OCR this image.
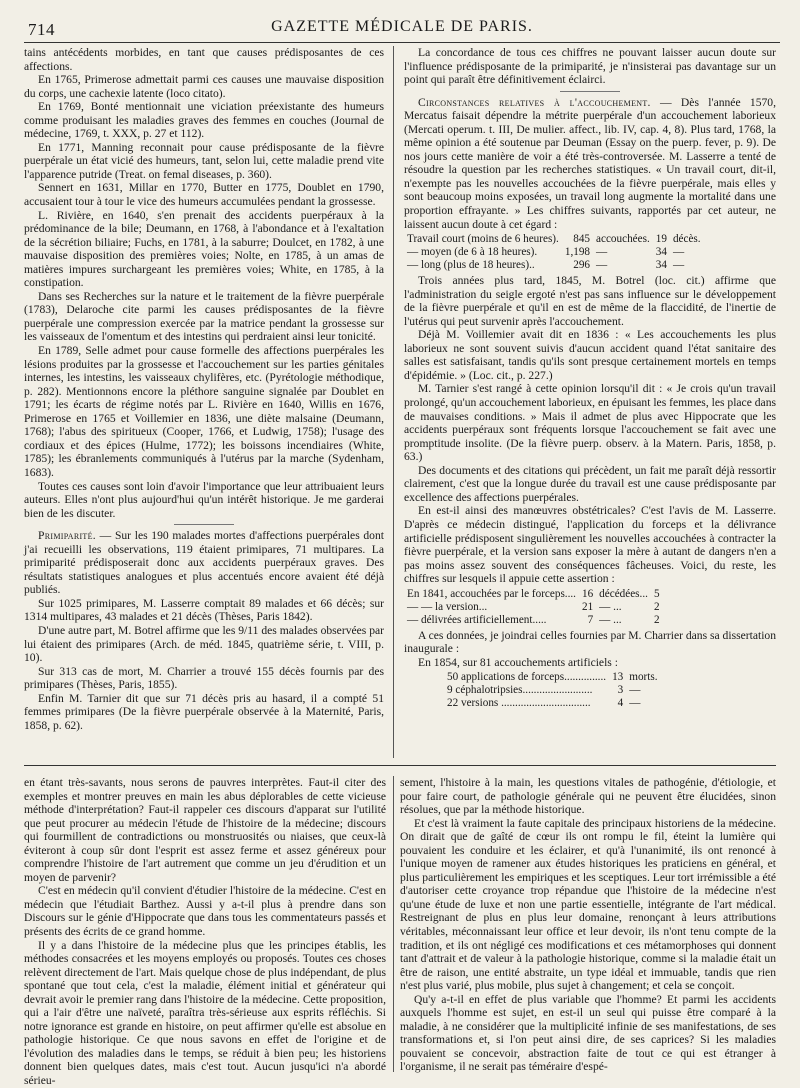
714	GAZETTE MÉDICALE DE PARIS.

tains antécédents morbides, en tant que causes prédisposantes de ces affections.

En 1765, Primerose admettait parmi ces causes une mauvaise disposition du corps, une cachexie latente (loco citato).

En 1769, Bonté mentionnait une viciation préexistante des humeurs comme produisant les maladies graves des femmes en couches (Journal de médecine, 1769, t. XXX, p. 27 et 112).

En 1771, Manning reconnait pour cause prédisposante de la fièvre puerpérale un état vicié des humeurs, tant, selon lui, cette maladie prend vite l'apparence putride (Treat. on femal diseases, p. 360).

Sennert en 1631, Millar en 1770, Butter en 1775, Doublet en 1790, accusaient tour à tour le vice des humeurs accumulées pendant la grossesse.

L. Rivière, en 1640, s'en prenait des accidents puerpéraux à la prédominance de la bile; Deumann, en 1768, à l'abondance et à l'exaltation de la sécrétion biliaire; Fuchs, en 1781, à la saburre; Doulcet, en 1782, à une mauvaise disposition des premières voies; Nolte, en 1785, à un amas de matières impures surchargeant les premières voies; White, en 1785, à la constipation.

Dans ses Recherches sur la nature et le traitement de la fièvre puerpérale (1783), Delaroche cite parmi les causes prédisposantes de la fièvre puerpérale une compression exercée par la matrice pendant la grossesse sur les vaisseaux de l'omentum et des intestins qui perdraient ainsi leur tonicité.

En 1789, Selle admet pour cause formelle des affections puerpérales les lésions produites par la grossesse et l'accouchement sur les parties génitales internes, les intestins, les vaisseaux chylifères, etc. (Pyrétologie méthodique, p. 282). Mentionnons encore la pléthore sanguine signalée par Doublet en 1791; les écarts de régime notés par L. Rivière en 1640, Willis en 1676, Primerose en 1765 et Voillemier en 1836, une diète malsaine (Deumann, 1768); l'abus des spiritueux (Cooper, 1766, et Ludwig, 1758); l'usage des cordiaux et des épices (Hulme, 1772); les boissons incendiaires (White, 1785); les ébranlements communiqués à l'utérus par la marche (Sydenham, 1683).

Toutes ces causes sont loin d'avoir l'importance que leur attribuaient leurs auteurs. Elles n'ont plus aujourd'hui qu'un intérêt historique. Je me garderai bien de les discuter.

Primiparité. — Sur les 190 malades mortes d'affections puerpérales dont j'ai recueilli les observations, 119 étaient primipares, 71 multipares. La primiparité prédisposerait donc aux accidents puerpéraux graves. Des résultats statistiques analogues et plus accentués encore avaient été déjà publiés.

Sur 1025 primipares, M. Lasserre comptait 89 malades et 66 décès; sur 1314 multipares, 43 malades et 21 décès (Thèses, Paris 1842).

D'une autre part, M. Botrel affirme que les 9/11 des malades observées par lui étaient des primipares (Arch. de méd. 1845, quatrième série, t. VIII, p. 10).

Sur 313 cas de mort, M. Charrier a trouvé 155 décès fournis par des primipares (Thèses, Paris, 1855).

Enfin M. Tarnier dit que sur 71 décès pris au hasard, il a compté 51 femmes primipares (De la fièvre puerpérale observée à la Maternité, Paris, 1858, p. 62).

La concordance de tous ces chiffres ne pouvant laisser aucun doute sur l'influence prédisposante de la primiparité, je n'insisterai pas davantage sur un point qui paraît être définitivement éclairci.

Circonstances relatives à l'accouchement. — Dès l'année 1570, Mercatus faisait dépendre la métrite puerpérale d'un accouchement laborieux (Mercati operum. t. III, De mulier. affect., lib. IV, cap. 4, 8). Plus tard, 1768, la même opinion a été soutenue par Deuman (Essay on the puerp. fever, p. 9). De nos jours cette manière de voir a été très-controversée. M. Lasserre a tenté de résoudre la question par les recherches statistiques. « Un travail court, dit-il, n'exempte pas les nouvelles accouchées de la fièvre puerpérale, mais elles y sont beaucoup moins exposées, un travail long augmente la mortalité dans une proportion effrayante. » Les chiffres suivants, rapportés par cet auteur, ne laissent aucun doute à cet égard :

Travail court (moins de 6 heures).	845	accouchées.	19	décès.
— moyen (de 6 à 18 heures).	1,198	—	34	—
— long (plus de 18 heures)..	296	—	34	—

Trois années plus tard, 1845, M. Botrel (loc. cit.) affirme que l'administration du seigle ergoté n'est pas sans influence sur le développement de la fièvre puerpérale et qu'il en est de même de la flaccidité, de l'inertie de l'utérus qui peut survenir après l'accouchement.

Déjà M. Voillemier avait dit en 1836 : « Les accouchements les plus laborieux ne sont souvent suivis d'aucun accident quand l'état sanitaire des salles est satisfaisant, tandis qu'ils sont presque certainement mortels en temps d'épidémie. » (Loc. cit., p. 227.)

M. Tarnier s'est rangé à cette opinion lorsqu'il dit : « Je crois qu'un travail prolongé, qu'un accouchement laborieux, en épuisant les femmes, les place dans de mauvaises conditions. » Mais il admet de plus avec Hippocrate que les accidents puerpéraux sont fréquents lorsque l'accouchement se fait avec une promptitude insolite. (De la fièvre puerp. observ. à la Matern. Paris, 1858, p. 63.)

Des documents et des citations qui précèdent, un fait me paraît déjà ressortir clairement, c'est que la longue durée du travail est une cause prédisposante par excellence des affections puerpérales.

En est-il ainsi des manœuvres obstétricales? C'est l'avis de M. Lasserre. D'après ce médecin distingué, l'application du forceps et la délivrance artificielle prédisposent singulièrement les nouvelles accouchées à contracter la fièvre puerpérale, et la version sans exposer la mère à autant de dangers n'en a pas moins assez souvent des conséquences fâcheuses. Voici, du reste, les chiffres sur lesquels il appuie cette assertion :

En 1841, accouchées par le forceps....	16	décédées...	5
— — la version...	21	— ...	2
— délivrées artificiellement.....	7	— ...	2

A ces données, je joindrai celles fournies par M. Charrier dans sa dissertation inaugurale :

En 1854, sur 81 accouchements artificiels :

50 applications de forceps...............	13	morts.
9 céphalotripsies.........................	3	—
22 versions ................................	4	—

en étant très-savants, nous serons de pauvres interprètes. Faut-il citer des exemples et montrer preuves en main les abus déplorables de cette vicieuse méthode d'interprétation? Faut-il rappeler ces discours d'apparat sur l'utilité que peut procurer au médecin l'étude de l'histoire de la médecine; discours qui fourmillent de contradictions ou monstruosités ou niaises, que ceux-là éviteront à coup sûr dont l'esprit est assez ferme et assez généreux pour comprendre l'histoire de l'art autrement que comme un jeu d'érudition et un moyen de parvenir?

C'est en médecin qu'il convient d'étudier l'histoire de la médecine. C'est en médecin que l'étudiait Barthez. Aussi y a-t-il plus à prendre dans son Discours sur le génie d'Hippocrate que dans tous les commentateurs passés et présents des écrits de ce grand homme.

Il y a dans l'histoire de la médecine plus que les principes établis, les méthodes consacrées et les moyens employés ou proposés. Toutes ces choses relèvent directement de l'art. Mais quelque chose de plus indépendant, de plus spontané que tout cela, c'est la maladie, élément initial et générateur qui devrait avoir le premier rang dans l'histoire de la médecine. Cette proposition, qui a l'air d'être une naïveté, paraîtra très-sérieuse aux esprits réfléchis. Si notre ignorance est grande en histoire, on peut affirmer qu'elle est absolue en pathologie historique. Ce que nous savons en effet de l'origine et de l'évolution des maladies dans le temps, se réduit à bien peu; les historiens donnent bien quelques dates, mais c'est tout. Aucun jusqu'ici n'a abordé sérieu-

sement, l'histoire à la main, les questions vitales de pathogénie, d'étiologie, et pour faire court, de pathologie générale qui ne peuvent être élucidées, sinon résolues, que par la méthode historique.

Et c'est là vraiment la faute capitale des principaux historiens de la médecine. On dirait que de gaîté de cœur ils ont rompu le fil, éteint la lumière qui pouvaient les conduire et les éclairer, et qu'à l'unanimité, ils ont renoncé à l'unique moyen de ramener aux études historiques les praticiens en général, et plus particulièrement les empiriques et les sceptiques. Leur tort irrémissible a été d'autoriser cette croyance trop répandue que l'histoire de la médecine n'est qu'une étude de luxe et non une partie essentielle, intégrante de l'art médical. Restreignant de plus en plus leur domaine, renonçant à leurs attributions véritables, méconnaissant leur office et leur devoir, ils n'ont tenu compte de la tradition, et ils ont négligé ces modifications et ces métamorphoses qui donnent tant d'attrait et de valeur à la pathologie historique, comme si la maladie était un être de raison, une entité abstraite, un type idéal et immuable, tandis que rien n'est plus varié, plus mobile, plus sujet à changement; et cela se conçoit.

Qu'y a-t-il en effet de plus variable que l'homme? Et parmi les accidents auxquels l'homme est sujet, en est-il un seul qui puisse être comparé à la maladie, à ne considérer que la multiplicité infinie de ses manifestations, de ses transformations et, si l'on peut ainsi dire, de ses caprices? Si les maladies pouvaient se concevoir, abstraction faite de tout ce qui est étranger à l'organisme, il ne serait pas téméraire d'espé-
